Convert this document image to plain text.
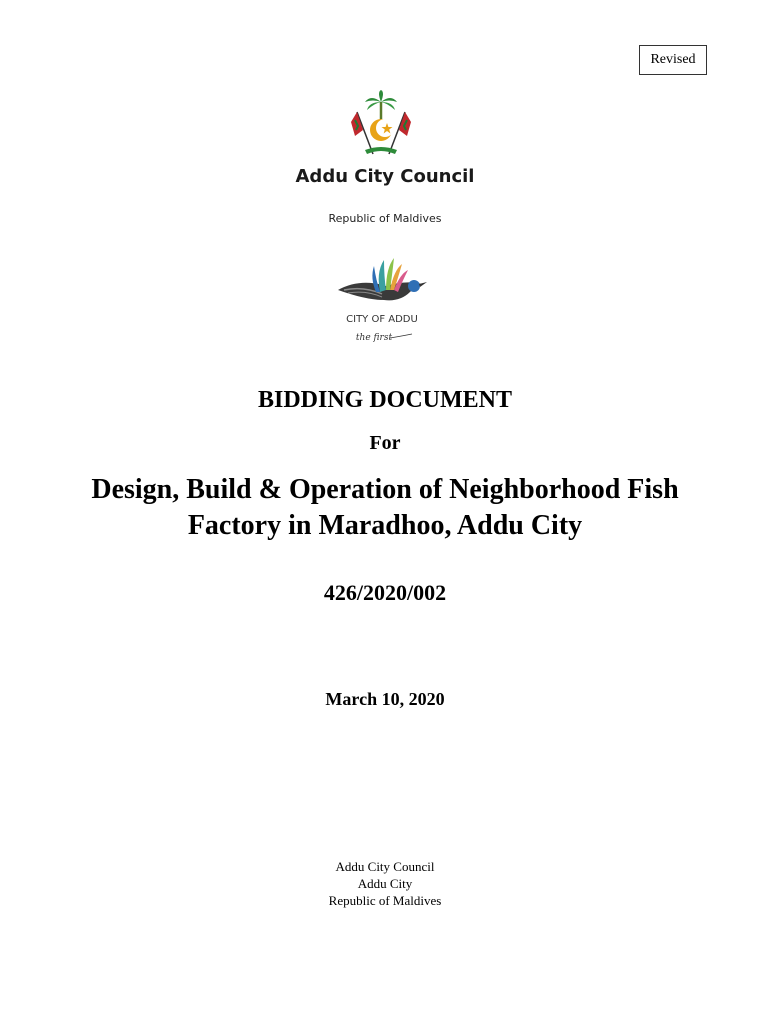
Revised
Addu City Council
Republic of Maldives
CITY OF ADDU
the first
BIDDING DOCUMENT
For
Design, Build & Operation of Neighborhood Fish
Factory in Maradhoo, Addu City
426/2020/002
March 10, 2020
Addu City Council
Addu City
Republic of Maldives
